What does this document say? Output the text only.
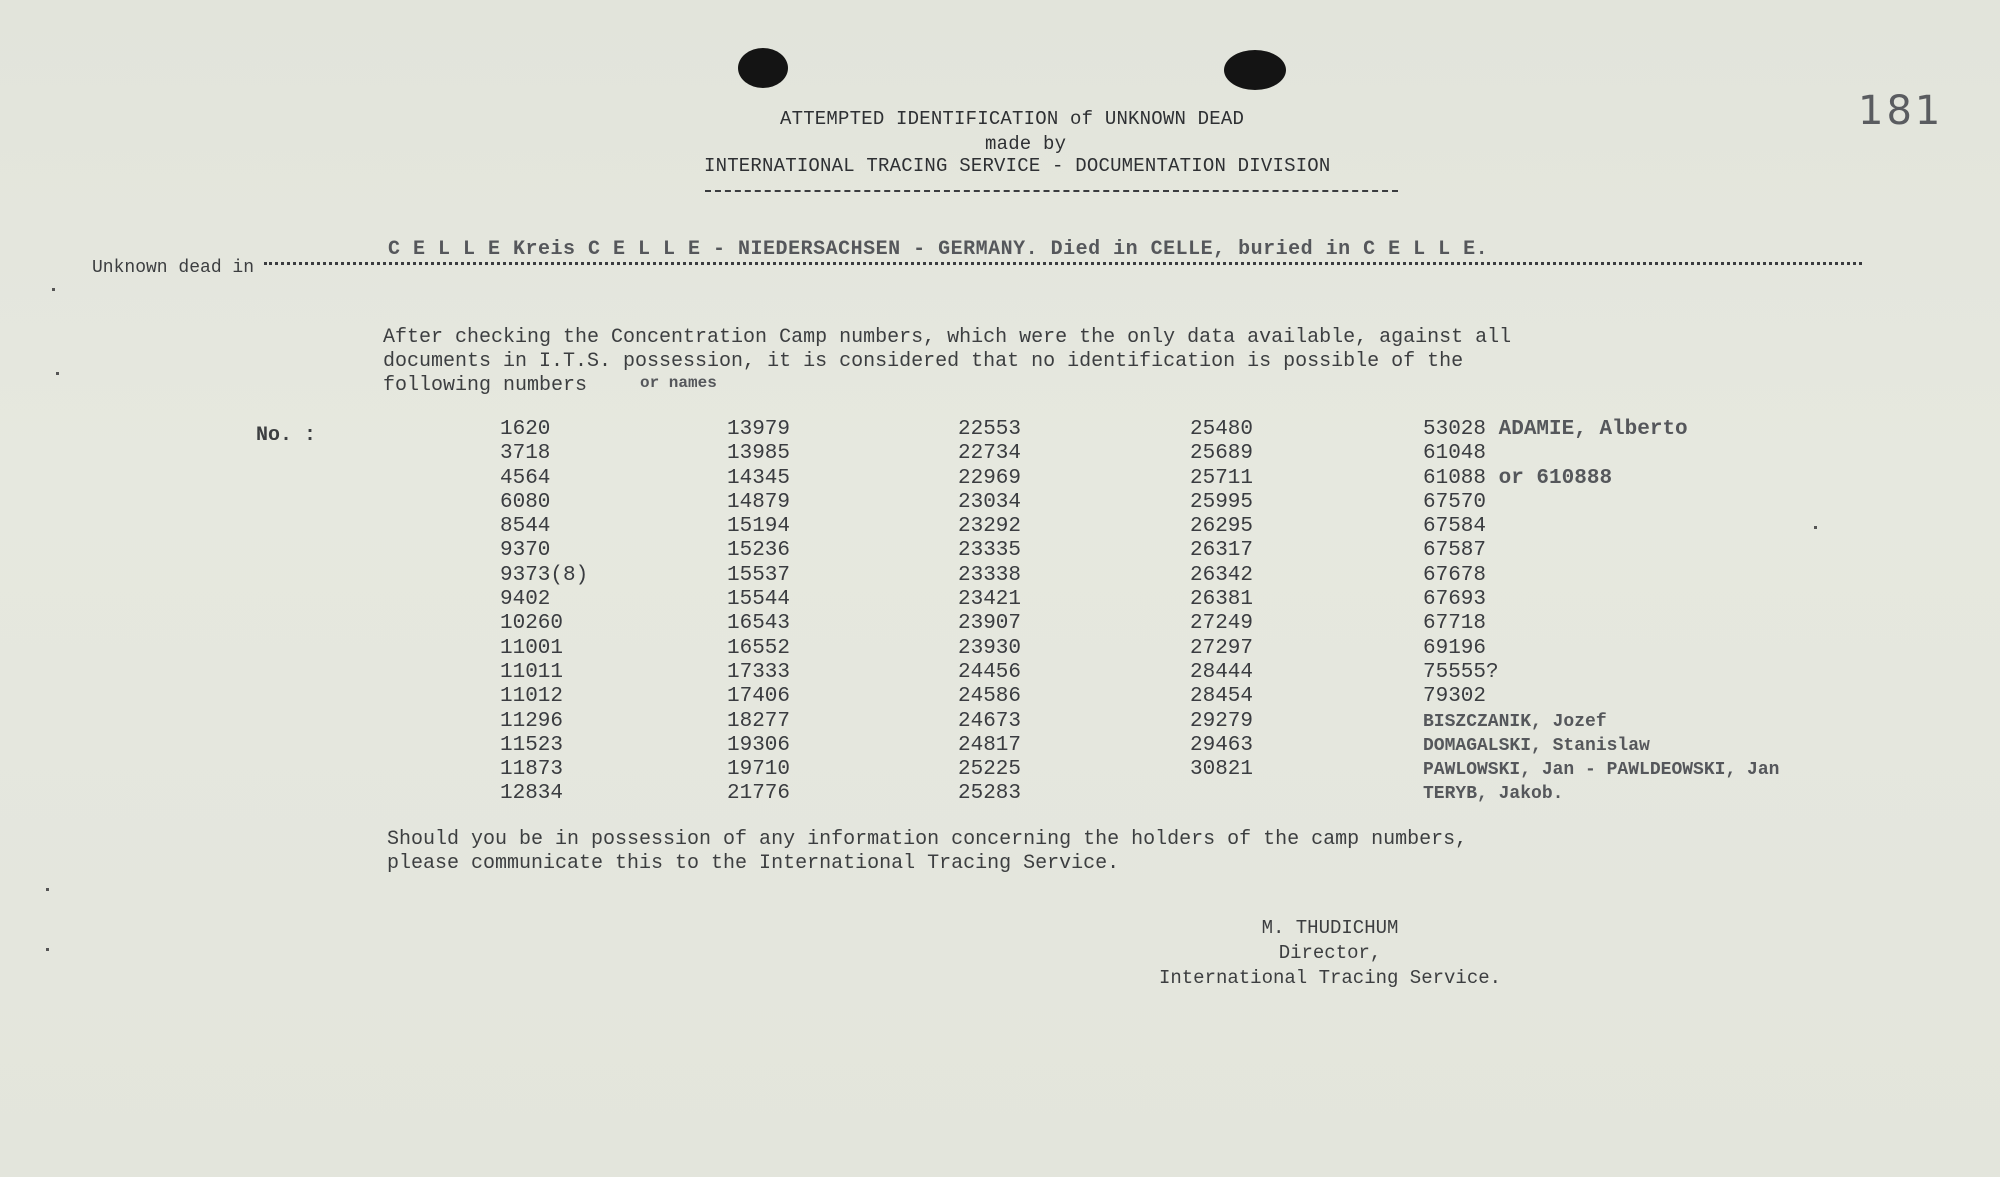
181
ATTEMPTED IDENTIFICATION of UNKNOWN DEAD
made by
INTERNATIONAL TRACING SERVICE - DOCUMENTATION DIVISION
Unknown dead in
C E L L E Kreis C E L L E - NIEDERSACHSEN - GERMANY. Died in CELLE, buried in C E L L E.
After checking the Concentration Camp numbers, which were the only data available, against all
documents in I.T.S. possession, it is considered that no identification is possible of the
following numbers	or names
No. :	1620
3718
4564
6080
8544
9370
9373(8)
9402
10260
11001
11011
11012
11296
11523
11873
12834
13979
13985
14345
14879
15194
15236
15537
15544
16543
16552
17333
17406
18277
19306
19710
21776
22553
22734
22969
23034
23292
23335
23338
23421
23907
23930
24456
24586
24673
24817
25225
25283
25480
25689
25711
25995
26295
26317
26342
26381
27249
27297
28444
28454
29279
29463
30821
53028 ADAMIE, Alberto
61048
61088 or 610888
67570
67584
67587
67678
67693
67718
69196
75555?
79302
BISZCZANIK, Jozef
DOMAGALSKI, Stanislaw
PAWLOWSKI, Jan - PAWLDEOWSKI, Jan
TERYB, Jakob.
Should you be in possession of any information concerning the holders of the camp numbers,
please communicate this to the International Tracing Service.
M. THUDICHUM
Director,
International Tracing Service.
